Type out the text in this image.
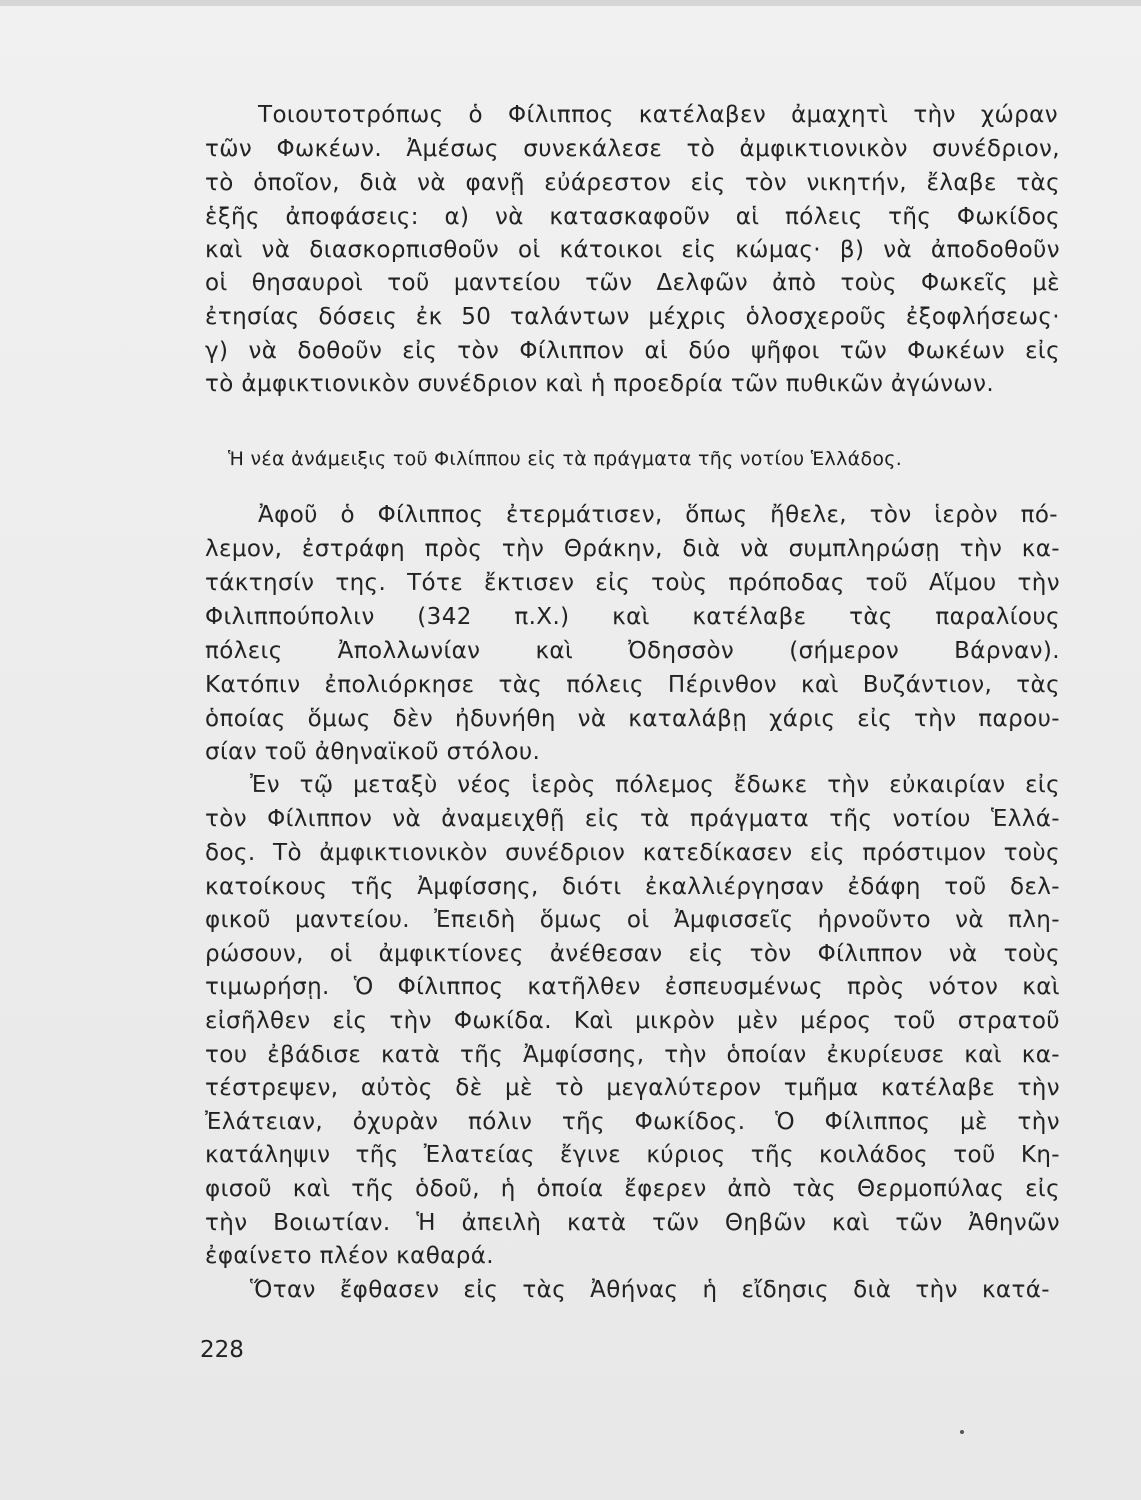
Τοιουτοτρόπως ὁ Φίλιππος κατέλαβεν ἀμαχητὶ τὴν χώραν

τῶν Φωκέων. Ἀμέσως συνεκάλεσε τὸ ἀμφικτιονικὸν συνέδριον,

τὸ ὁποῖον, διὰ νὰ φανῇ εὐάρεστον εἰς τὸν νικητήν, ἔλαβε τὰς

ἑξῆς ἀποφάσεις: α) νὰ κατασκαφοῦν αἱ πόλεις τῆς Φωκίδος

καὶ νὰ διασκορπισθοῦν οἱ κάτοικοι εἰς κώμας· β) νὰ ἀποδοθοῦν

οἱ θησαυροὶ τοῦ μαντείου τῶν Δελφῶν ἀπὸ τοὺς Φωκεῖς μὲ

ἐτησίας δόσεις ἐκ 50 ταλάντων μέχρις ὁλοσχεροῦς ἐξοφλήσεως·

γ) νὰ δοθοῦν εἰς τὸν Φίλιππον αἱ δύο ψῆφοι τῶν Φωκέων εἰς

τὸ ἀμφικτιονικὸν συνέδριον καὶ ἡ προεδρία τῶν πυθικῶν ἀγώνων.

Ἡ νέα ἀνάμειξις τοῦ Φιλίππου εἰς τὰ πράγματα τῆς νοτίου Ἑλλάδος.

Ἀφοῦ ὁ Φίλιππος ἐτερμάτισεν, ὅπως ἤθελε, τὸν ἱερὸν πό-

λεμον, ἐστράφη πρὸς τὴν Θράκην, διὰ νὰ συμπληρώσῃ τὴν κα-

τάκτησίν της. Τότε ἔκτισεν εἰς τοὺς πρόποδας τοῦ Αἵμου τὴν

Φιλιππούπολιν (342 π.Χ.) καὶ κατέλαβε τὰς παραλίους

πόλεις Ἀπολλωνίαν καὶ Ὀδησσὸν (σήμερον Βάρναν).

Κατόπιν ἐπολιόρκησε τὰς πόλεις Πέρινθον καὶ Βυζάντιον, τὰς

ὁποίας ὅμως δὲν ἠδυνήθη νὰ καταλάβῃ χάρις εἰς τὴν παρου-

σίαν τοῦ ἀθηναϊκοῦ στόλου.

Ἐν τῷ μεταξὺ νέος ἱερὸς πόλεμος ἔδωκε τὴν εὐκαιρίαν εἰς

τὸν Φίλιππον νὰ ἀναμειχθῇ εἰς τὰ πράγματα τῆς νοτίου Ἑλλά-

δος. Τὸ ἀμφικτιονικὸν συνέδριον κατεδίκασεν εἰς πρόστιμον τοὺς

κατοίκους τῆς Ἀμφίσσης, διότι ἐκαλλιέργησαν ἐδάφη τοῦ δελ-

φικοῦ μαντείου. Ἐπειδὴ ὅμως οἱ Ἀμφισσεῖς ἠρνοῦντο νὰ πλη-

ρώσουν, οἱ ἀμφικτίονες ἀνέθεσαν εἰς τὸν Φίλιππον νὰ τοὺς

τιμωρήσῃ. Ὁ Φίλιππος κατῆλθεν ἐσπευσμένως πρὸς νότον καὶ

εἰσῆλθεν εἰς τὴν Φωκίδα. Καὶ μικρὸν μὲν μέρος τοῦ στρατοῦ

του ἐβάδισε κατὰ τῆς Ἀμφίσσης, τὴν ὁποίαν ἐκυρίευσε καὶ κα-

τέστρεψεν, αὐτὸς δὲ μὲ τὸ μεγαλύτερον τμῆμα κατέλαβε τὴν

Ἐλάτειαν, ὀχυρὰν πόλιν τῆς Φωκίδος. Ὁ Φίλιππος μὲ τὴν

κατάληψιν τῆς Ἐλατείας ἔγινε κύριος τῆς κοιλάδος τοῦ Κη-

φισοῦ καὶ τῆς ὁδοῦ, ἡ ὁποία ἔφερεν ἀπὸ τὰς Θερμοπύλας εἰς

τὴν Βοιωτίαν. Ἡ ἀπειλὴ κατὰ τῶν Θηβῶν καὶ τῶν Ἀθηνῶν

ἐφαίνετο πλέον καθαρά.

Ὅταν ἔφθασεν εἰς τὰς Ἀθήνας ἡ εἴδησις διὰ τὴν κατά-

228
